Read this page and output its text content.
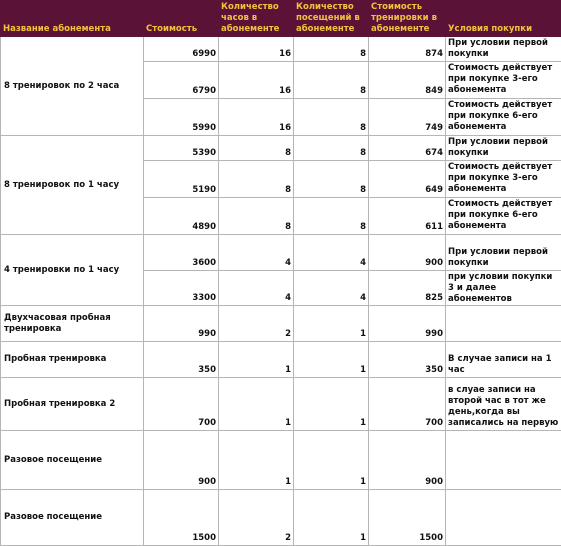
Название абонемента	Стоимость	Количество часов в абонементе	Количество посещений в абонементе	Стоимость тренировки в абонементе	Условия покупки
8 тренировок по 2 часа	6990	16	8	874	При условии первой покупки
	6790	16	8	849	Стоимость действует при покупке 3-его абонемента
	5990	16	8	749	Стоимость действует при покупке 6-его абонемента
8 тренировок по 1 часу	5390	8	8	674	При условии первой покупки
	5190	8	8	649	Стоимость действует при покупке 3-его абонемента
	4890	8	8	611	Стоимость действует при покупке 6-его абонемента
4 тренировки по 1 часу	3600	4	4	900	При условии первой покупки
	3300	4	4	825	при условии покупки 3 и далее абонементов
Двухчасовая пробная тренировка	990	2	1	990	
Пробная тренировка	350	1	1	350	В случае записи на 1 час
Пробная тренировка 2	700	1	1	700	в слуае записи на второй час в тот же день,когда вы записались на первую
Разовое посещение	900	1	1	900	
Разовое посещение	1500	2	1	1500	
